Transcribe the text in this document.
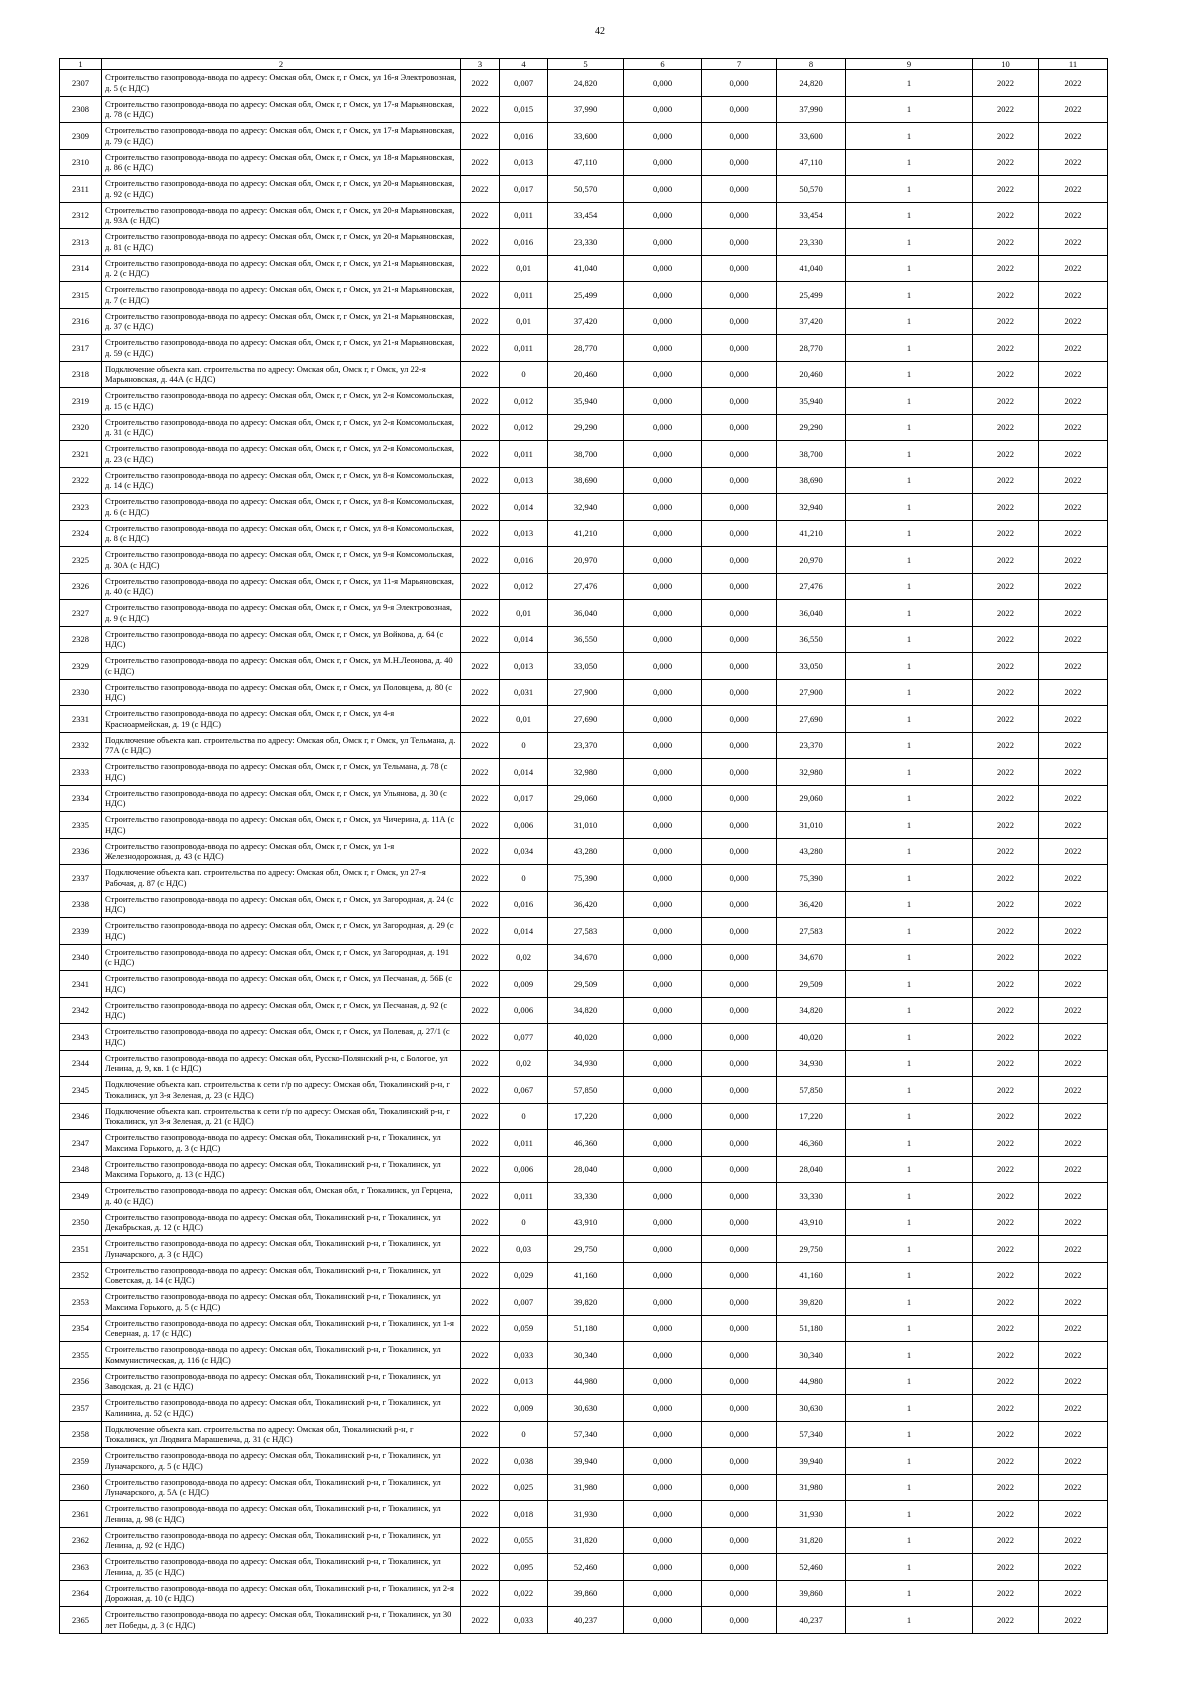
42
1	2	3	4	5	6	7	8	9	10	11
2307	Строительство газопровода-ввода по адресу: Омская обл, Омск г, г Омск, ул 16-я Электровозная, д. 5 (с НДС)	2022	0,007	24,820	0,000	0,000	24,820	1	2022	2022
2308	Строительство газопровода-ввода по адресу: Омская обл, Омск г, г Омск, ул 17-я Марьяновская, д. 78 (с НДС)	2022	0,015	37,990	0,000	0,000	37,990	1	2022	2022
2309	Строительство газопровода-ввода по адресу: Омская обл, Омск г, г Омск, ул 17-я Марьяновская, д. 79 (с НДС)	2022	0,016	33,600	0,000	0,000	33,600	1	2022	2022
2310	Строительство газопровода-ввода по адресу: Омская обл, Омск г, г Омск, ул 18-я Марьяновская, д. 86 (с НДС)	2022	0,013	47,110	0,000	0,000	47,110	1	2022	2022
2311	Строительство газопровода-ввода по адресу: Омская обл, Омск г, г Омск, ул 20-я Марьяновская, д. 92 (с НДС)	2022	0,017	50,570	0,000	0,000	50,570	1	2022	2022
2312	Строительство газопровода-ввода по адресу: Омская обл, Омск г, г Омск, ул 20-я Марьяновская, д. 93А (с НДС)	2022	0,011	33,454	0,000	0,000	33,454	1	2022	2022
2313	Строительство газопровода-ввода по адресу: Омская обл, Омск г, г Омск, ул 20-я Марьяновская, д. 81 (с НДС)	2022	0,016	23,330	0,000	0,000	23,330	1	2022	2022
2314	Строительство газопровода-ввода по адресу: Омская обл, Омск г, г Омск, ул 21-я Марьяновская, д. 2 (с НДС)	2022	0,01	41,040	0,000	0,000	41,040	1	2022	2022
2315	Строительство газопровода-ввода по адресу: Омская обл, Омск г, г Омск, ул 21-я Марьяновская, д. 7 (с НДС)	2022	0,011	25,499	0,000	0,000	25,499	1	2022	2022
2316	Строительство газопровода-ввода по адресу: Омская обл, Омск г, г Омск, ул 21-я Марьяновская, д. 37 (с НДС)	2022	0,01	37,420	0,000	0,000	37,420	1	2022	2022
2317	Строительство газопровода-ввода по адресу: Омская обл, Омск г, г Омск, ул 21-я Марьяновская, д. 59 (с НДС)	2022	0,011	28,770	0,000	0,000	28,770	1	2022	2022
2318	Подключение объекта кап. строительства по адресу: Омская обл, Омск г, г Омск, ул 22-я Марьяновская, д. 44А (с НДС)	2022	0	20,460	0,000	0,000	20,460	1	2022	2022
2319	Строительство газопровода-ввода по адресу: Омская обл, Омск г, г Омск, ул 2-я Комсомольская, д. 15 (с НДС)	2022	0,012	35,940	0,000	0,000	35,940	1	2022	2022
2320	Строительство газопровода-ввода по адресу: Омская обл, Омск г, г Омск, ул 2-я Комсомольская, д. 31 (с НДС)	2022	0,012	29,290	0,000	0,000	29,290	1	2022	2022
2321	Строительство газопровода-ввода по адресу: Омская обл, Омск г, г Омск, ул 2-я Комсомольская, д. 23 (с НДС)	2022	0,011	38,700	0,000	0,000	38,700	1	2022	2022
2322	Строительство газопровода-ввода по адресу: Омская обл, Омск г, г Омск, ул 8-я Комсомольская, д. 14 (с НДС)	2022	0,013	38,690	0,000	0,000	38,690	1	2022	2022
2323	Строительство газопровода-ввода по адресу: Омская обл, Омск г, г Омск, ул 8-я Комсомольская, д. 6 (с НДС)	2022	0,014	32,940	0,000	0,000	32,940	1	2022	2022
2324	Строительство газопровода-ввода по адресу: Омская обл, Омск г, г Омск, ул 8-я Комсомольская, д. 8 (с НДС)	2022	0,013	41,210	0,000	0,000	41,210	1	2022	2022
2325	Строительство газопровода-ввода по адресу: Омская обл, Омск г, г Омск, ул 9-я Комсомольская, д. 30А (с НДС)	2022	0,016	20,970	0,000	0,000	20,970	1	2022	2022
2326	Строительство газопровода-ввода по адресу: Омская обл, Омск г, г Омск, ул 11-я Марьяновская, д. 40 (с НДС)	2022	0,012	27,476	0,000	0,000	27,476	1	2022	2022
2327	Строительство газопровода-ввода по адресу: Омская обл, Омск г, г Омск, ул 9-я Электровозная, д. 9 (с НДС)	2022	0,01	36,040	0,000	0,000	36,040	1	2022	2022
2328	Строительство газопровода-ввода по адресу: Омская обл, Омск г, г Омск, ул Войкова, д. 64 (с НДС)	2022	0,014	36,550	0,000	0,000	36,550	1	2022	2022
2329	Строительство газопровода-ввода по адресу: Омская обл, Омск г, г Омск, ул М.Н.Леонова, д. 40 (с НДС)	2022	0,013	33,050	0,000	0,000	33,050	1	2022	2022
2330	Строительство газопровода-ввода по адресу: Омская обл, Омск г, г Омск, ул Половцева, д. 80 (с НДС)	2022	0,031	27,900	0,000	0,000	27,900	1	2022	2022
2331	Строительство газопровода-ввода по адресу: Омская обл, Омск г, г Омск, ул 4-я Красноармейская, д. 19 (с НДС)	2022	0,01	27,690	0,000	0,000	27,690	1	2022	2022
2332	Подключение объекта кап. строительства по адресу: Омская обл, Омск г, г Омск, ул Тельмана, д. 77А (с НДС)	2022	0	23,370	0,000	0,000	23,370	1	2022	2022
2333	Строительство газопровода-ввода по адресу: Омская обл, Омск г, г Омск, ул Тельмана, д. 78 (с НДС)	2022	0,014	32,980	0,000	0,000	32,980	1	2022	2022
2334	Строительство газопровода-ввода по адресу: Омская обл, Омск г, г Омск, ул Ульянова, д. 30 (с НДС)	2022	0,017	29,060	0,000	0,000	29,060	1	2022	2022
2335	Строительство газопровода-ввода по адресу: Омская обл, Омск г, г Омск, ул Чичерина, д. 11А (с НДС)	2022	0,006	31,010	0,000	0,000	31,010	1	2022	2022
2336	Строительство газопровода-ввода по адресу: Омская обл, Омск г, г Омск, ул 1-я Железнодорожная, д. 43 (с НДС)	2022	0,034	43,280	0,000	0,000	43,280	1	2022	2022
2337	Подключение объекта кап. строительства по адресу: Омская обл, Омск г, г Омск, ул 27-я Рабочая, д. 87 (с НДС)	2022	0	75,390	0,000	0,000	75,390	1	2022	2022
2338	Строительство газопровода-ввода по адресу: Омская обл, Омск г, г Омск, ул Загородная, д. 24 (с НДС)	2022	0,016	36,420	0,000	0,000	36,420	1	2022	2022
2339	Строительство газопровода-ввода по адресу: Омская обл, Омск г, г Омск, ул Загородная, д. 29 (с НДС)	2022	0,014	27,583	0,000	0,000	27,583	1	2022	2022
2340	Строительство газопровода-ввода по адресу: Омская обл, Омск г, г Омск, ул Загородная, д. 191 (с НДС)	2022	0,02	34,670	0,000	0,000	34,670	1	2022	2022
2341	Строительство газопровода-ввода по адресу: Омская обл, Омск г, г Омск, ул Песчаная, д. 56Б (с НДС)	2022	0,009	29,509	0,000	0,000	29,509	1	2022	2022
2342	Строительство газопровода-ввода по адресу: Омская обл, Омск г, г Омск, ул Песчаная, д. 92 (с НДС)	2022	0,006	34,820	0,000	0,000	34,820	1	2022	2022
2343	Строительство газопровода-ввода по адресу: Омская обл, Омск г, г Омск, ул Полевая, д. 27/1 (с НДС)	2022	0,077	40,020	0,000	0,000	40,020	1	2022	2022
2344	Строительство газопровода-ввода по адресу: Омская обл, Русско-Полянский р-н, с Бологое, ул Ленина, д. 9, кв. 1 (с НДС)	2022	0,02	34,930	0,000	0,000	34,930	1	2022	2022
2345	Подключение объекта кап. строительства к сети г/р по адресу: Омская обл, Тюкалинский р-н, г Тюкалинск, ул 3-я Зеленая, д. 23 (с НДС)	2022	0,067	57,850	0,000	0,000	57,850	1	2022	2022
2346	Подключение объекта кап. строительства к сети г/р по адресу: Омская обл, Тюкалинский р-н, г Тюкалинск, ул 3-я Зеленая, д. 21 (с НДС)	2022	0	17,220	0,000	0,000	17,220	1	2022	2022
2347	Строительство газопровода-ввода по адресу: Омская обл, Тюкалинский р-н, г Тюкалинск, ул Максима Горького, д. 3 (с НДС)	2022	0,011	46,360	0,000	0,000	46,360	1	2022	2022
2348	Строительство газопровода-ввода по адресу: Омская обл, Тюкалинский р-н, г Тюкалинск, ул Максима Горького, д. 13 (с НДС)	2022	0,006	28,040	0,000	0,000	28,040	1	2022	2022
2349	Строительство газопровода-ввода по адресу: Омская обл, Омская обл, г Тюкалинск, ул Герцена, д. 40 (с НДС)	2022	0,011	33,330	0,000	0,000	33,330	1	2022	2022
2350	Строительство газопровода-ввода по адресу: Омская обл, Тюкалинский р-н, г Тюкалинск, ул Декабрьская, д. 12 (с НДС)	2022	0	43,910	0,000	0,000	43,910	1	2022	2022
2351	Строительство газопровода-ввода по адресу: Омская обл, Тюкалинский р-н, г Тюкалинск, ул Луначарского, д. 3 (с НДС)	2022	0,03	29,750	0,000	0,000	29,750	1	2022	2022
2352	Строительство газопровода-ввода по адресу: Омская обл, Тюкалинский р-н, г Тюкалинск, ул Советская, д. 14 (с НДС)	2022	0,029	41,160	0,000	0,000	41,160	1	2022	2022
2353	Строительство газопровода-ввода по адресу: Омская обл, Тюкалинский р-н, г Тюкалинск, ул Максима Горького, д. 5 (с НДС)	2022	0,007	39,820	0,000	0,000	39,820	1	2022	2022
2354	Строительство газопровода-ввода по адресу: Омская обл, Тюкалинский р-н, г Тюкалинск, ул 1-я Северная, д. 17 (с НДС)	2022	0,059	51,180	0,000	0,000	51,180	1	2022	2022
2355	Строительство газопровода-ввода по адресу: Омская обл, Тюкалинский р-н, г Тюкалинск, ул Коммунистическая, д. 116 (с НДС)	2022	0,033	30,340	0,000	0,000	30,340	1	2022	2022
2356	Строительство газопровода-ввода по адресу: Омская обл, Тюкалинский р-н, г Тюкалинск, ул Заводская, д. 21 (с НДС)	2022	0,013	44,980	0,000	0,000	44,980	1	2022	2022
2357	Строительство газопровода-ввода по адресу: Омская обл, Тюкалинский р-н, г Тюкалинск, ул Калинина, д. 52 (с НДС)	2022	0,009	30,630	0,000	0,000	30,630	1	2022	2022
2358	Подключение объекта кап. строительства по адресу: Омская обл, Тюкалинский р-н, г Тюкалинск, ул Людвига Марашевича, д. 31 (с НДС)	2022	0	57,340	0,000	0,000	57,340	1	2022	2022
2359	Строительство газопровода-ввода по адресу: Омская обл, Тюкалинский р-н, г Тюкалинск, ул Луначарского, д. 5 (с НДС)	2022	0,038	39,940	0,000	0,000	39,940	1	2022	2022
2360	Строительство газопровода-ввода по адресу: Омская обл, Тюкалинский р-н, г Тюкалинск, ул Луначарского, д. 5А (с НДС)	2022	0,025	31,980	0,000	0,000	31,980	1	2022	2022
2361	Строительство газопровода-ввода по адресу: Омская обл, Тюкалинский р-н, г Тюкалинск, ул Ленина, д. 98 (с НДС)	2022	0,018	31,930	0,000	0,000	31,930	1	2022	2022
2362	Строительство газопровода-ввода по адресу: Омская обл, Тюкалинский р-н, г Тюкалинск, ул Ленина, д. 92 (с НДС)	2022	0,055	31,820	0,000	0,000	31,820	1	2022	2022
2363	Строительство газопровода-ввода по адресу: Омская обл, Тюкалинский р-н, г Тюкалинск, ул Ленина, д. 35 (с НДС)	2022	0,095	52,460	0,000	0,000	52,460	1	2022	2022
2364	Строительство газопровода-ввода по адресу: Омская обл, Тюкалинский р-н, г Тюкалинск, ул 2-я Дорожная, д. 10 (с НДС)	2022	0,022	39,860	0,000	0,000	39,860	1	2022	2022
2365	Строительство газопровода-ввода по адресу: Омская обл, Тюкалинский р-н, г Тюкалинск, ул 30 лет Победы, д. 3 (с НДС)	2022	0,033	40,237	0,000	0,000	40,237	1	2022	2022
